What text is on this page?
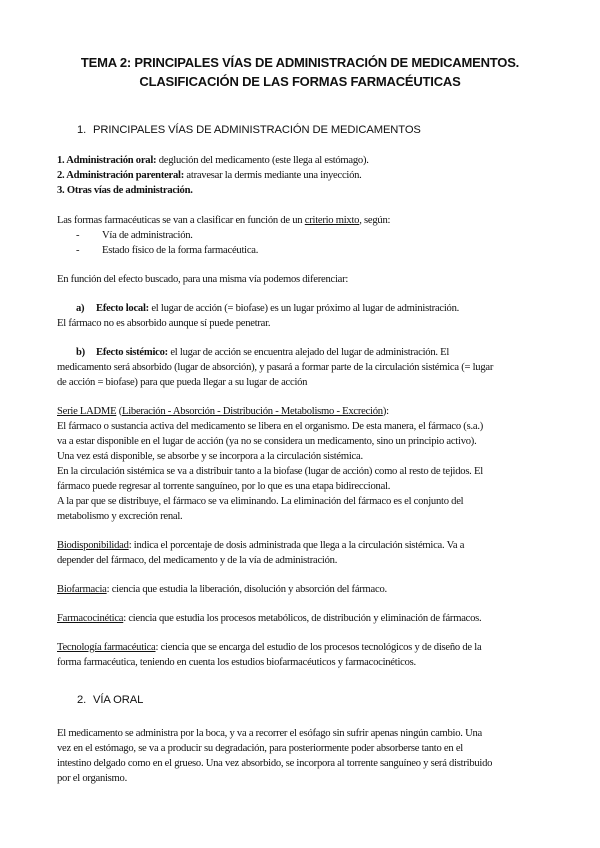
TEMA 2: PRINCIPALES VÍAS DE ADMINISTRACIÓN DE MEDICAMENTOS.
CLASIFICACIÓN DE LAS FORMAS FARMACÉUTICAS
1. PRINCIPALES VÍAS DE ADMINISTRACIÓN DE MEDICAMENTOS
1. Administración oral: deglución del medicamento (este llega al estómago).
2. Administración parenteral: atravesar la dermis mediante una inyección.
3. Otras vías de administración.
Las formas farmacéuticas se van a clasificar en función de un criterio mixto, según:
- Vía de administración.
- Estado físico de la forma farmacéutica.
En función del efecto buscado, para una misma vía podemos diferenciar:
a) Efecto local: el lugar de acción (= biofase) es un lugar próximo al lugar de administración.
El fármaco no es absorbido aunque sí puede penetrar.
b) Efecto sistémico: el lugar de acción se encuentra alejado del lugar de administración. El
medicamento será absorbido (lugar de absorción), y pasará a formar parte de la circulación sistémica (= lugar
de acción = biofase) para que pueda llegar a su lugar de acción
Serie LADME (Liberación - Absorción - Distribución - Metabolismo - Excreción):
El fármaco o sustancia activa del medicamento se libera en el organismo. De esta manera, el fármaco (s.a.)
va a estar disponible en el lugar de acción (ya no se considera un medicamento, sino un principio activo).
Una vez está disponible, se absorbe y se incorpora a la circulación sistémica.
En la circulación sistémica se va a distribuir tanto a la biofase (lugar de acción) como al resto de tejidos. El
fármaco puede regresar al torrente sanguíneo, por lo que es una etapa bidireccional.
A la par que se distribuye, el fármaco se va eliminando. La eliminación del fármaco es el conjunto del
metabolismo y excreción renal.
Biodisponibilidad: indica el porcentaje de dosis administrada que llega a la circulación sistémica. Va a
depender del fármaco, del medicamento y de la vía de administración.
Biofarmacia: ciencia que estudia la liberación, disolución y absorción del fármaco.
Farmacocinética: ciencia que estudia los procesos metabólicos, de distribución y eliminación de fármacos.
Tecnología farmacéutica: ciencia que se encarga del estudio de los procesos tecnológicos y de diseño de la
forma farmacéutica, teniendo en cuenta los estudios biofarmacéuticos y farmacocinéticos.
2. VÍA ORAL
El medicamento se administra por la boca, y va a recorrer el esófago sin sufrir apenas ningún cambio. Una
vez en el estómago, se va a producir su degradación, para posteriormente poder absorberse tanto en el
intestino delgado como en el grueso. Una vez absorbido, se incorpora al torrente sanguíneo y será distribuido
por el organismo.
